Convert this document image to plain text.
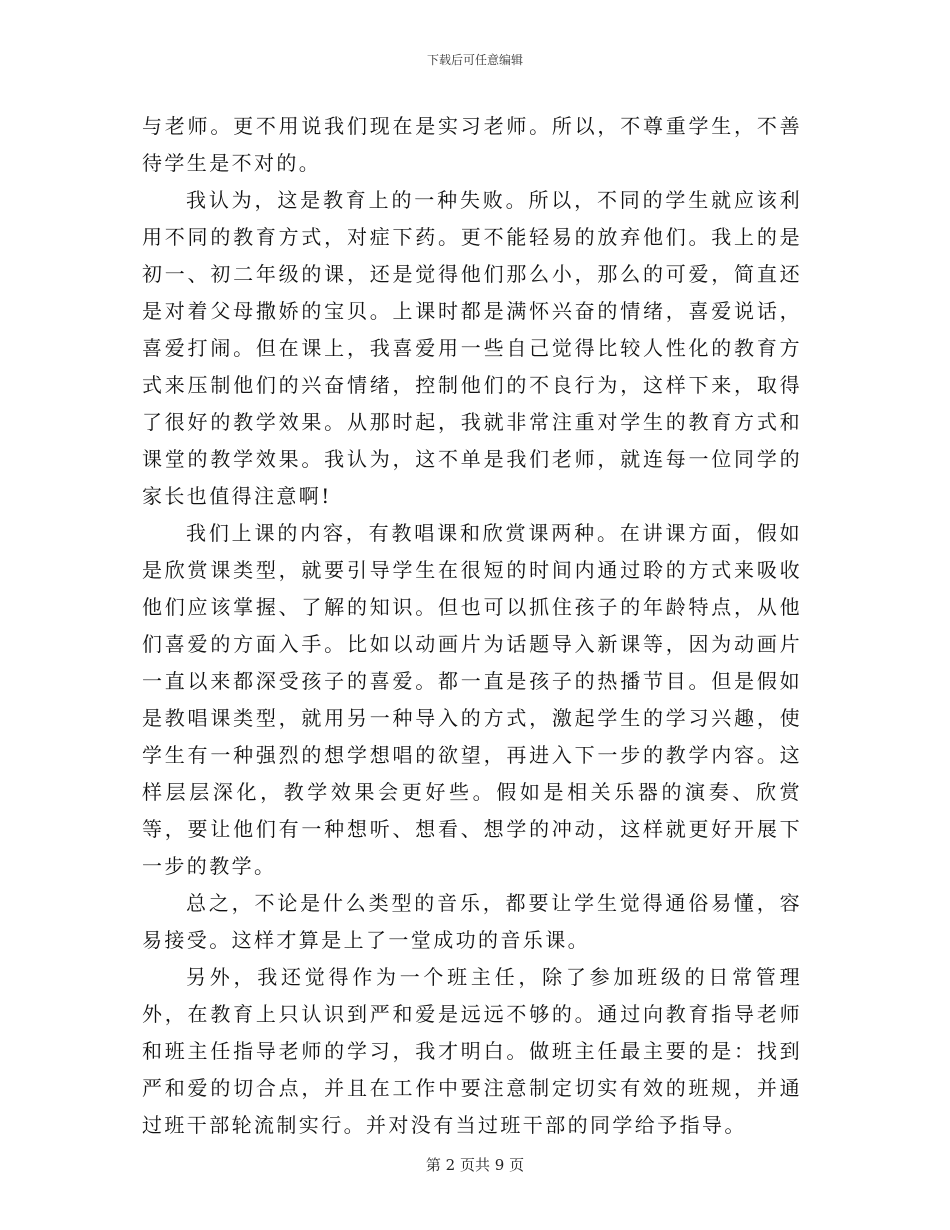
下载后可任意编辑

与老师。更不用说我们现在是实习老师。所以，不尊重学生，不善待学生是不对的。

我认为，这是教育上的一种失败。所以，不同的学生就应该利用不同的教育方式，对症下药。更不能轻易的放弃他们。我上的是初一、初二年级的课，还是觉得他们那么小，那么的可爱，简直还是对着父母撒娇的宝贝。上课时都是满怀兴奋的情绪，喜爱说话，喜爱打闹。但在课上，我喜爱用一些自己觉得比较人性化的教育方式来压制他们的兴奋情绪，控制他们的不良行为，这样下来，取得了很好的教学效果。从那时起，我就非常注重对学生的教育方式和课堂的教学效果。我认为，这不单是我们老师，就连每一位同学的家长也值得注意啊!

我们上课的内容，有教唱课和欣赏课两种。在讲课方面，假如是欣赏课类型，就要引导学生在很短的时间内通过聆的方式来吸收他们应该掌握、了解的知识。但也可以抓住孩子的年龄特点，从他们喜爱的方面入手。比如以动画片为话题导入新课等，因为动画片一直以来都深受孩子的喜爱。都一直是孩子的热播节目。但是假如是教唱课类型，就用另一种导入的方式，激起学生的学习兴趣，使学生有一种强烈的想学想唱的欲望，再进入下一步的教学内容。这样层层深化，教学效果会更好些。假如是相关乐器的演奏、欣赏等，要让他们有一种想听、想看、想学的冲动，这样就更好开展下一步的教学。

总之，不论是什么类型的音乐，都要让学生觉得通俗易懂，容易接受。这样才算是上了一堂成功的音乐课。

另外，我还觉得作为一个班主任，除了参加班级的日常管理外，在教育上只认识到严和爱是远远不够的。通过向教育指导老师和班主任指导老师的学习，我才明白。做班主任最主要的是：找到严和爱的切合点，并且在工作中要注意制定切实有效的班规，并通过班干部轮流制实行。并对没有当过班干部的同学给予指导。

第 2 页共 9 页
